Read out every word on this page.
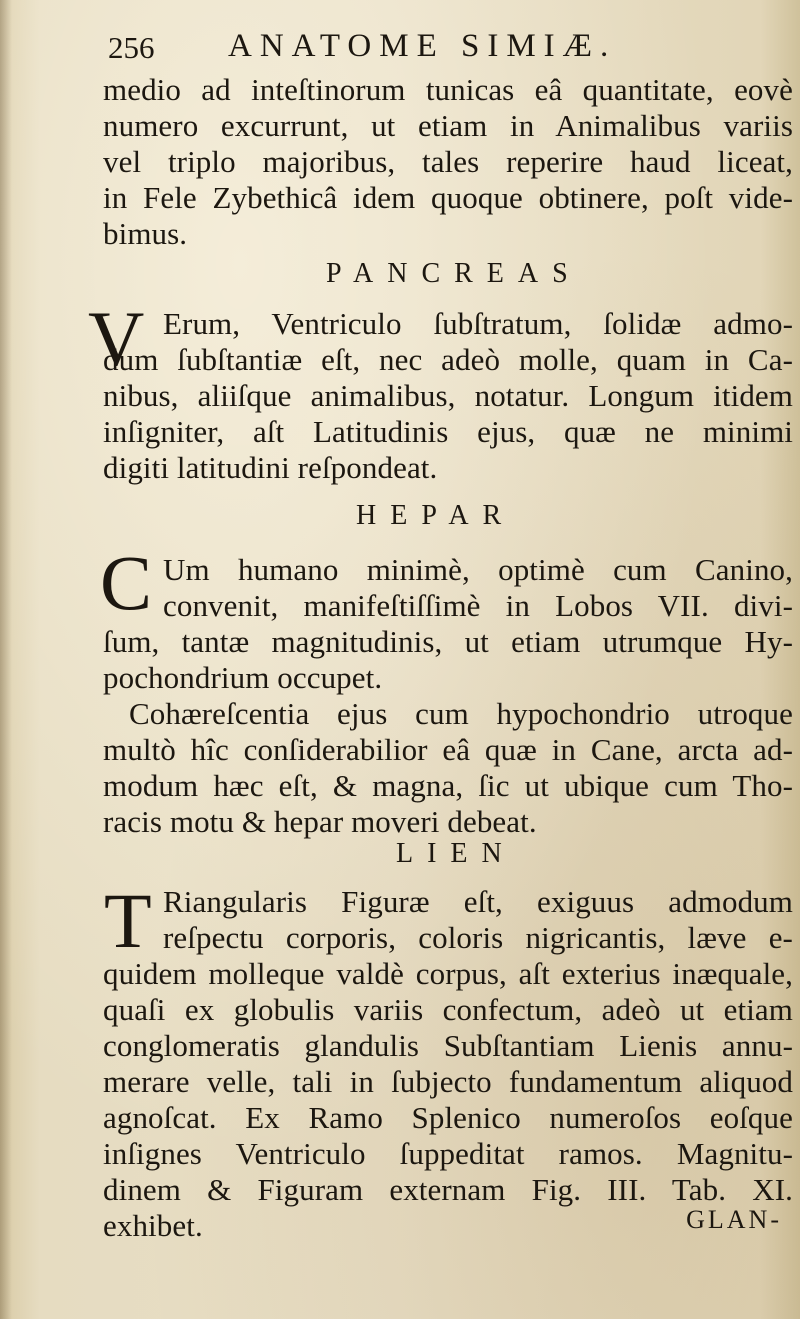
256 ANATOME SIMIÆ.
medio ad inteſtinorum tunicas eâ quantitate, eovè
numero excurrunt, ut etiam in Animalibus variis
vel triplo majoribus, tales reperire haud liceat,
in Fele Zybethicâ idem quoque obtinere, poſt vide-
bimus.
PANCREAS
V Erum, Ventriculo ſubſtratum, ſolidæ admo-
dum ſubſtantiæ eſt, nec adeò molle, quam in Ca-
nibus, aliiſque animalibus, notatur. Longum itidem
inſigniter, aſt Latitudinis ejus, quæ ne minimi
digiti latitudini reſpondeat.
HEPAR
C Um humano minimè, optimè cum Canino,
convenit, manifeſtiſſimè in Lobos VII. divi-
ſum, tantæ magnitudinis, ut etiam utrumque Hy-
pochondrium occupet.
Cohæreſcentia ejus cum hypochondrio utroque
multò hîc conſiderabilior eâ quæ in Cane, arcta ad-
modum hæc eſt, & magna, ſic ut ubique cum Tho-
racis motu & hepar moveri debeat.
LIEN
T Riangularis Figuræ eſt, exiguus admodum
reſpectu corporis, coloris nigricantis, læve e-
quidem molleque valdè corpus, aſt exterius inæquale,
quaſi ex globulis variis confectum, adeò ut etiam
conglomeratis glandulis Subſtantiam Lienis annu-
merare velle, tali in ſubjecto fundamentum aliquod
agnoſcat. Ex Ramo Splenico numeroſos eoſque
inſignes Ventriculo ſuppeditat ramos. Magnitu-
dinem & Figuram externam Fig. III. Tab. XI.
exhibet.	GLAN-
